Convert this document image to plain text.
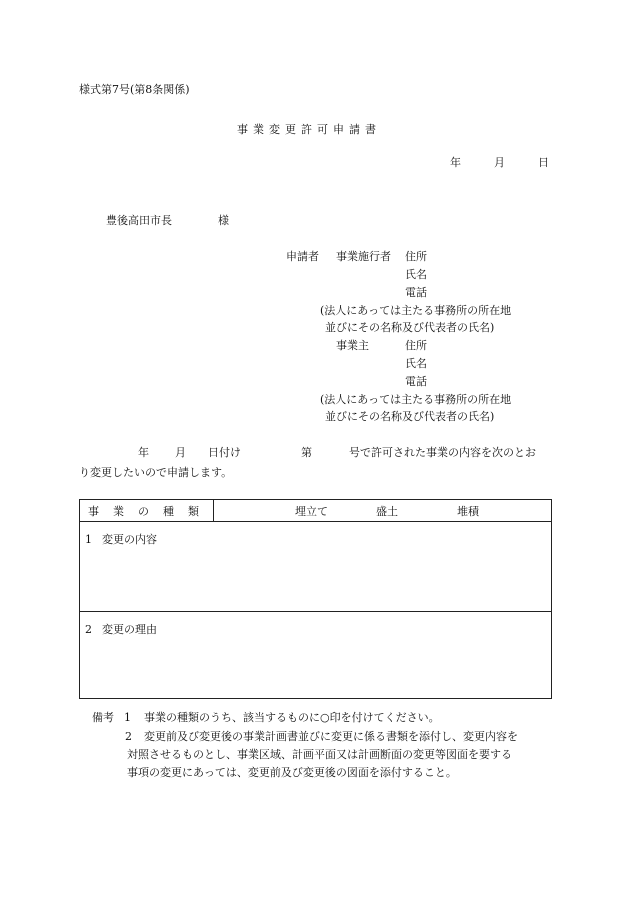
様式第7号(第8条関係)
事業変更許可申請書
年	月	日
豊後高田市長	様
申請者 事業施行者 住所
氏名
電話
(法人にあっては主たる事務所の所在地
並びにその名称及び代表者の氏名)
事業主	住所
氏名
電話
(法人にあっては主たる事務所の所在地
並びにその名称及び代表者の氏名)
年 月 日付け	第	号で許可された事業の内容を次のとお
り変更したいので申請します。
事業の種類	埋立て	盛土	堆積
1 変更の内容
2 変更の理由
備考 1 事業の種類のうち、該当するものに○印を付けてください。
2 変更前及び変更後の事業計画書並びに変更に係る書類を添付し、変更内容を
対照させるものとし、事業区域、計画平面又は計画断面の変更等図面を要する
事項の変更にあっては、変更前及び変更後の図面を添付すること。
